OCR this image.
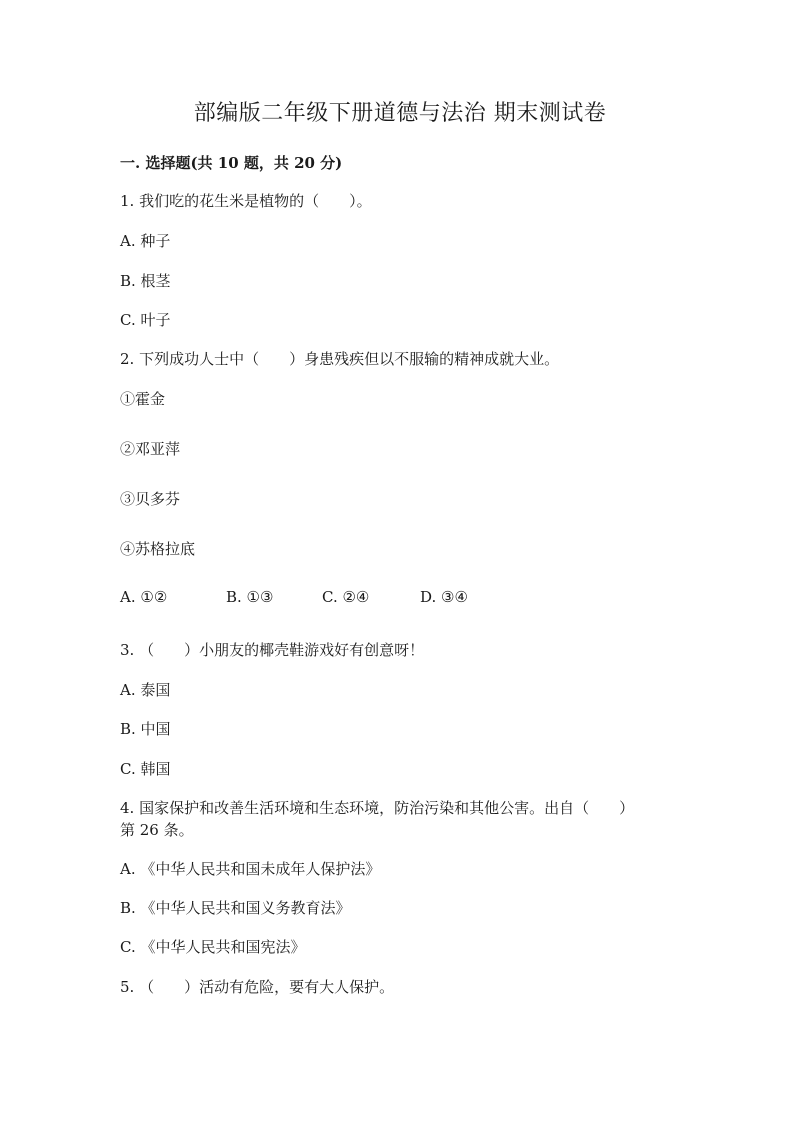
部编版二年级下册道德与法治 期末测试卷
一. 选择题(共 10 题，共 20 分)
1. 我们吃的花生米是植物的（　　）。
A. 种子
B. 根茎
C. 叶子
2. 下列成功人士中（　　）身患残疾但以不服输的精神成就大业。
①霍金
②邓亚萍
③贝多芬
④苏格拉底
A. ①②	B. ①③	C. ②④	D. ③④
3. （　　）小朋友的椰壳鞋游戏好有创意呀！
A. 泰国
B. 中国
C. 韩国
4. 国家保护和改善生活环境和生态环境，防治污染和其他公害。出自（　　）
第 26 条。
A. 《中华人民共和国未成年人保护法》
B. 《中华人民共和国义务教育法》
C. 《中华人民共和国宪法》
5. （　　）活动有危险，要有大人保护。
